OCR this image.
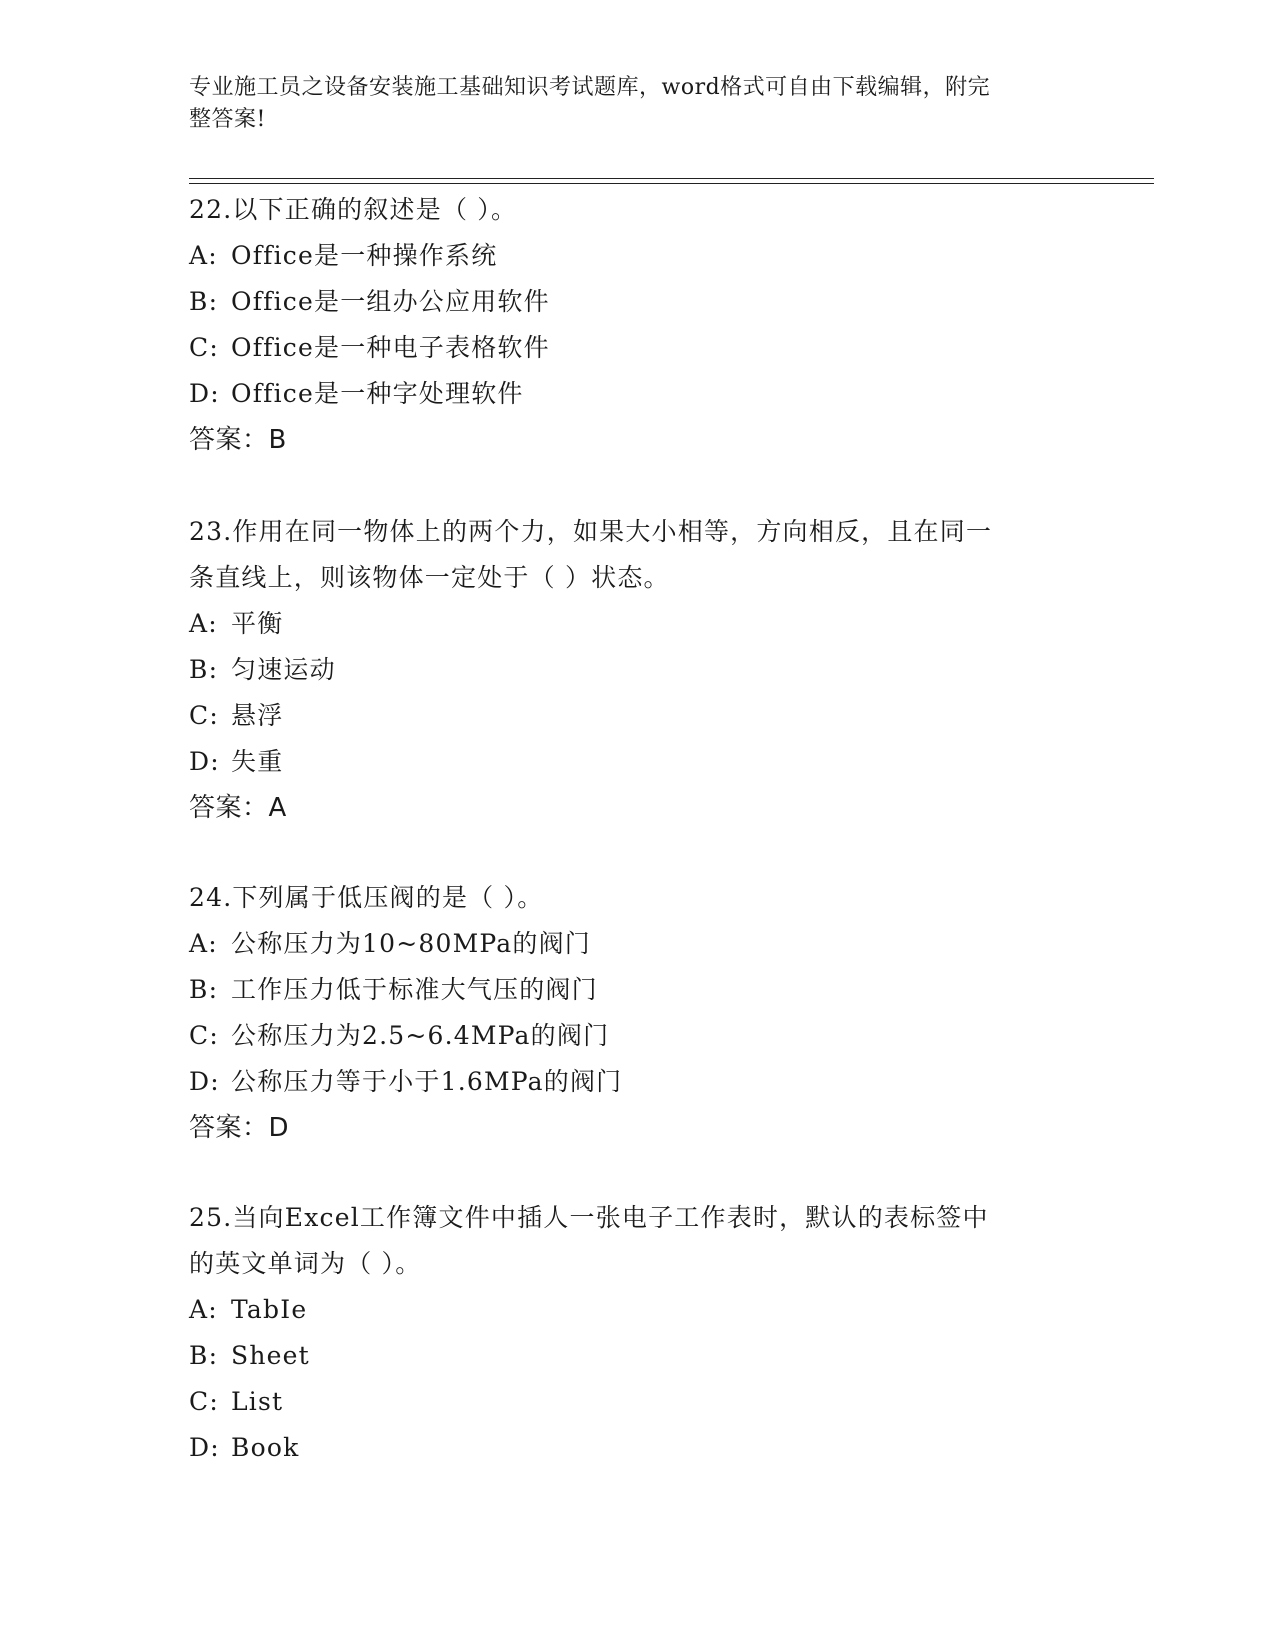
专业施工员之设备安装施工基础知识考试题库，word格式可自由下载编辑，附完
整答案!
22.以下正确的叙述是（ ）。
A: Office是一种操作系统
B: Office是一组办公应用软件
C: Office是一种电子表格软件
D: Office是一种字处理软件
答案：B
23.作用在同一物体上的两个力，如果大小相等，方向相反，且在同一
条直线上，则该物体一定处于（ ）状态。
A: 平衡
B: 匀速运动
C: 悬浮
D: 失重
答案：A
24.下列属于低压阀的是（ ）。
A: 公称压力为10~80MPa的阀门
B: 工作压力低于标准大气压的阀门
C: 公称压力为2.5~6.4MPa的阀门
D: 公称压力等于小于1.6MPa的阀门
答案：D
25.当向Excel工作簿文件中插人一张电子工作表时，默认的表标签中
的英文单词为（ ）。
A: TabIe
B: Sheet
C: List
D: Book
